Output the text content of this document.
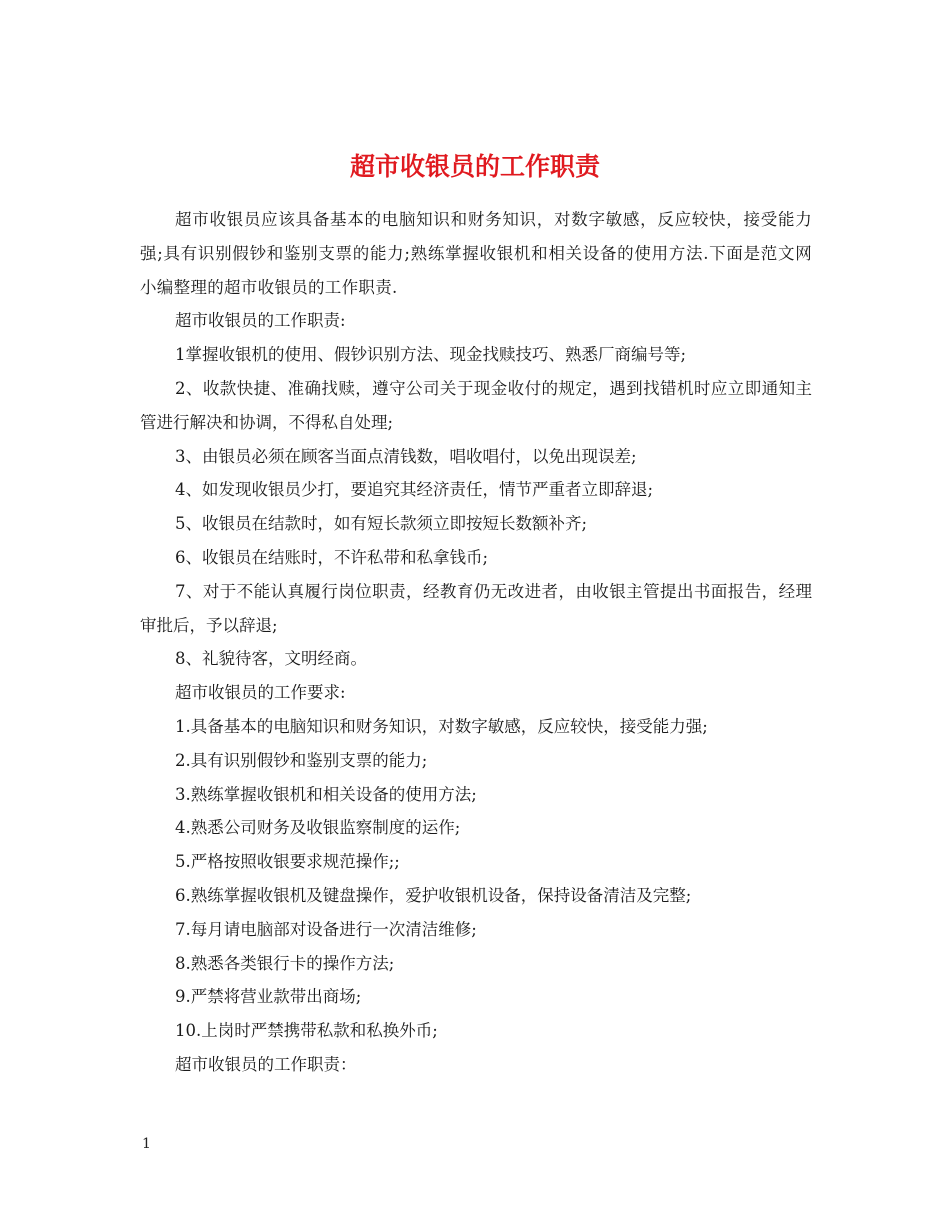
超市收银员的工作职责

超市收银员应该具备基本的电脑知识和财务知识，对数字敏感，反应较快，接受能力强;具有识别假钞和鉴别支票的能力;熟练掌握收银机和相关设备的使用方法.下面是范文网小编整理的超市收银员的工作职责.

超市收银员的工作职责:

1掌握收银机的使用、假钞识别方法、现金找赎技巧、熟悉厂商编号等;

2、收款快捷、准确找赎，遵守公司关于现金收付的规定，遇到找错机时应立即通知主管进行解决和协调，不得私自处理;

3、由银员必须在顾客当面点清钱数，唱收唱付，以免出现误差;

4、如发现收银员少打，要追究其经济责任，情节严重者立即辞退;

5、收银员在结款时，如有短长款须立即按短长数额补齐;

6、收银员在结账时，不许私带和私拿钱币;

7、对于不能认真履行岗位职责，经教育仍无改进者，由收银主管提出书面报告，经理审批后，予以辞退;

8、礼貌待客，文明经商。

超市收银员的工作要求:

1.具备基本的电脑知识和财务知识，对数字敏感，反应较快，接受能力强;

2.具有识别假钞和鉴别支票的能力;

3.熟练掌握收银机和相关设备的使用方法;

4.熟悉公司财务及收银监察制度的运作;

5.严格按照收银要求规范操作;;

6.熟练掌握收银机及键盘操作，爱护收银机设备，保持设备清洁及完整;

7.每月请电脑部对设备进行一次清洁维修;

8.熟悉各类银行卡的操作方法;

9.严禁将营业款带出商场;

10.上岗时严禁携带私款和私换外币;

超市收银员的工作职责：

1
